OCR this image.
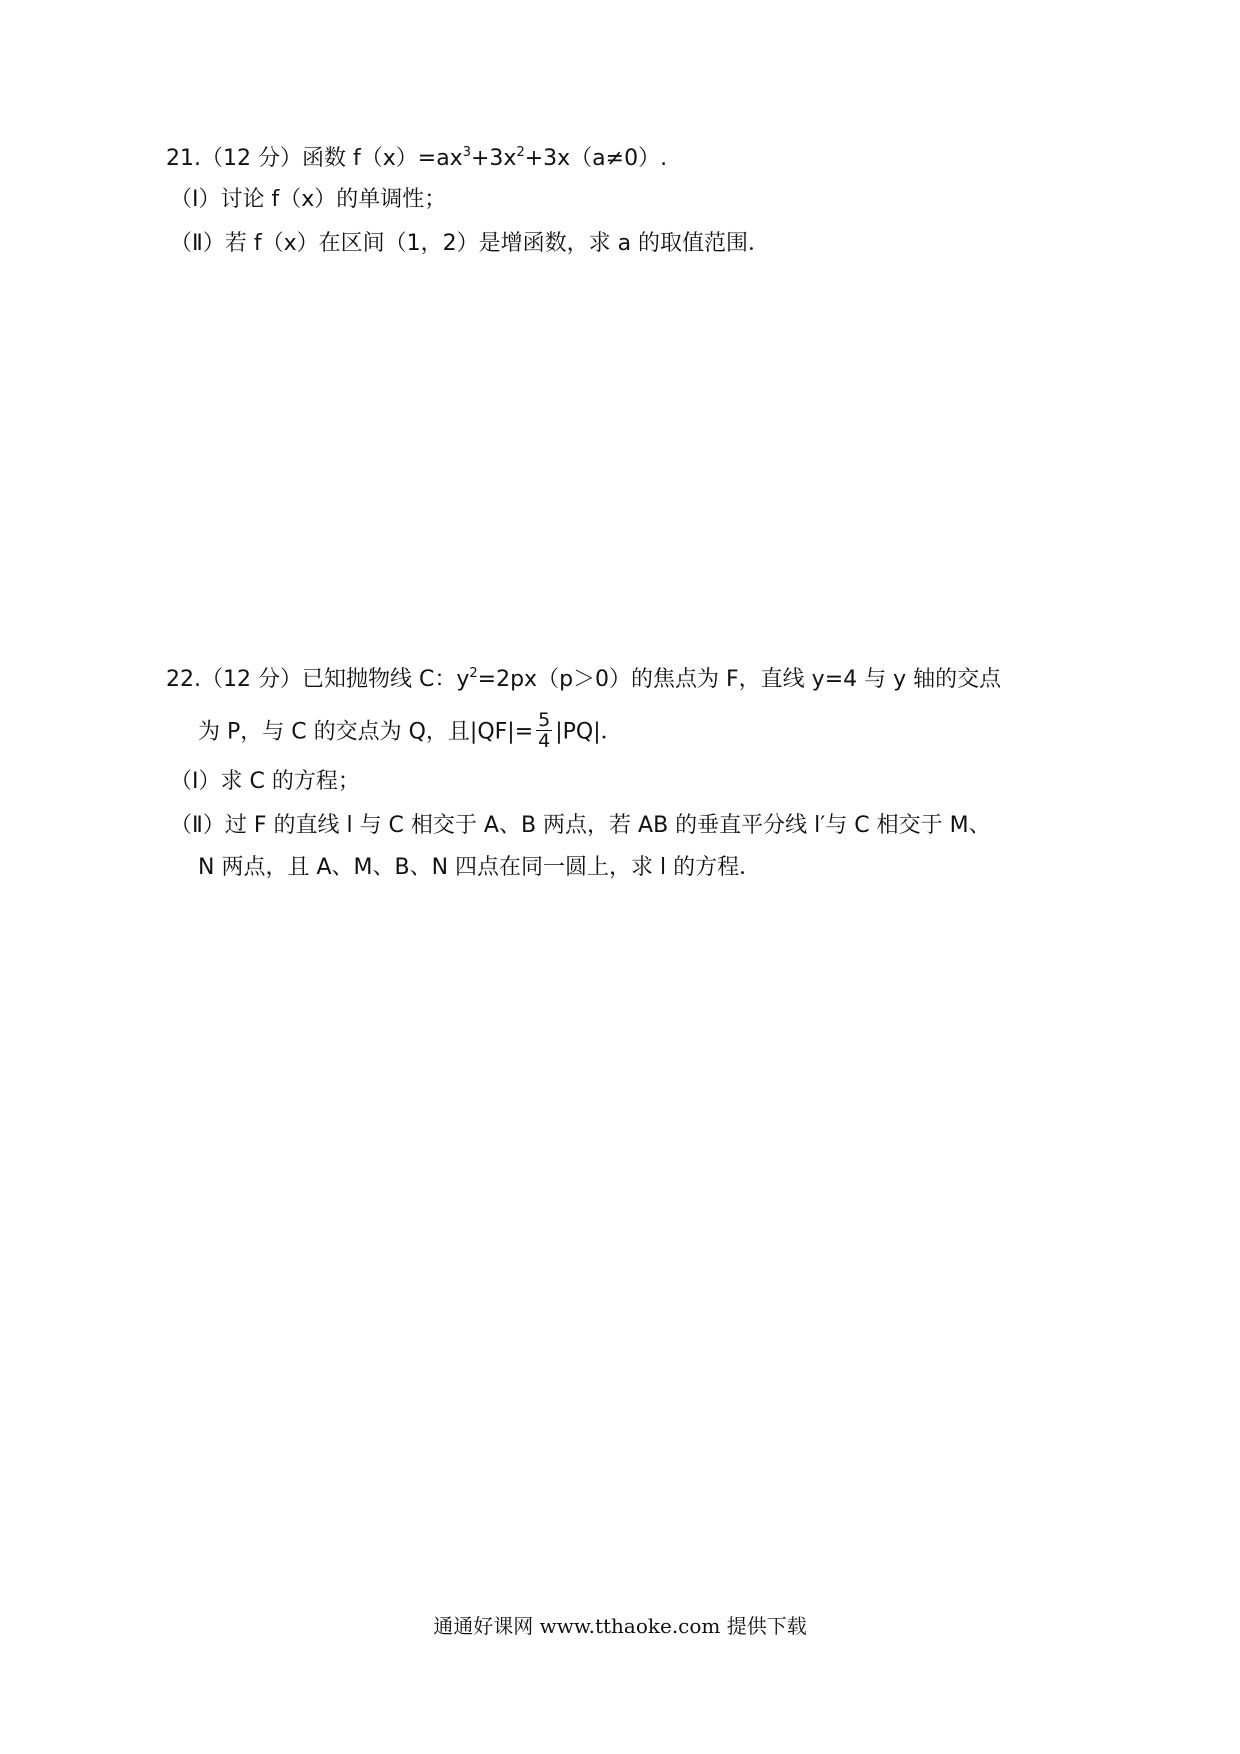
21.（12 分）函数 $f(x)=ax^3+3x^2+3x(a\ne 0)$.
（Ⅰ）讨论 f（x）的单调性；
（Ⅱ）若 f（x）在区间（1，2）是增函数，求 a 的取值范围．
22.（12 分）已知抛物线 C：$y^2=2px(p>0)$的焦点为 F，直线 y=4 与 y 轴的交点
为 P，与 C 的交点为 Q，且$|QF|= \frac{5}{4} |PQ|$．
（Ⅰ）求 C 的方程；
（Ⅱ）过 F 的直线 l 与 C 相交于 A、B 两点，若 AB 的垂直平分线 l′与 C 相交于 M、
N 两点，且 A、M、B、N 四点在同一圆上，求 l 的方程．
通通好课网 www.tthaoke.com 提供下载
